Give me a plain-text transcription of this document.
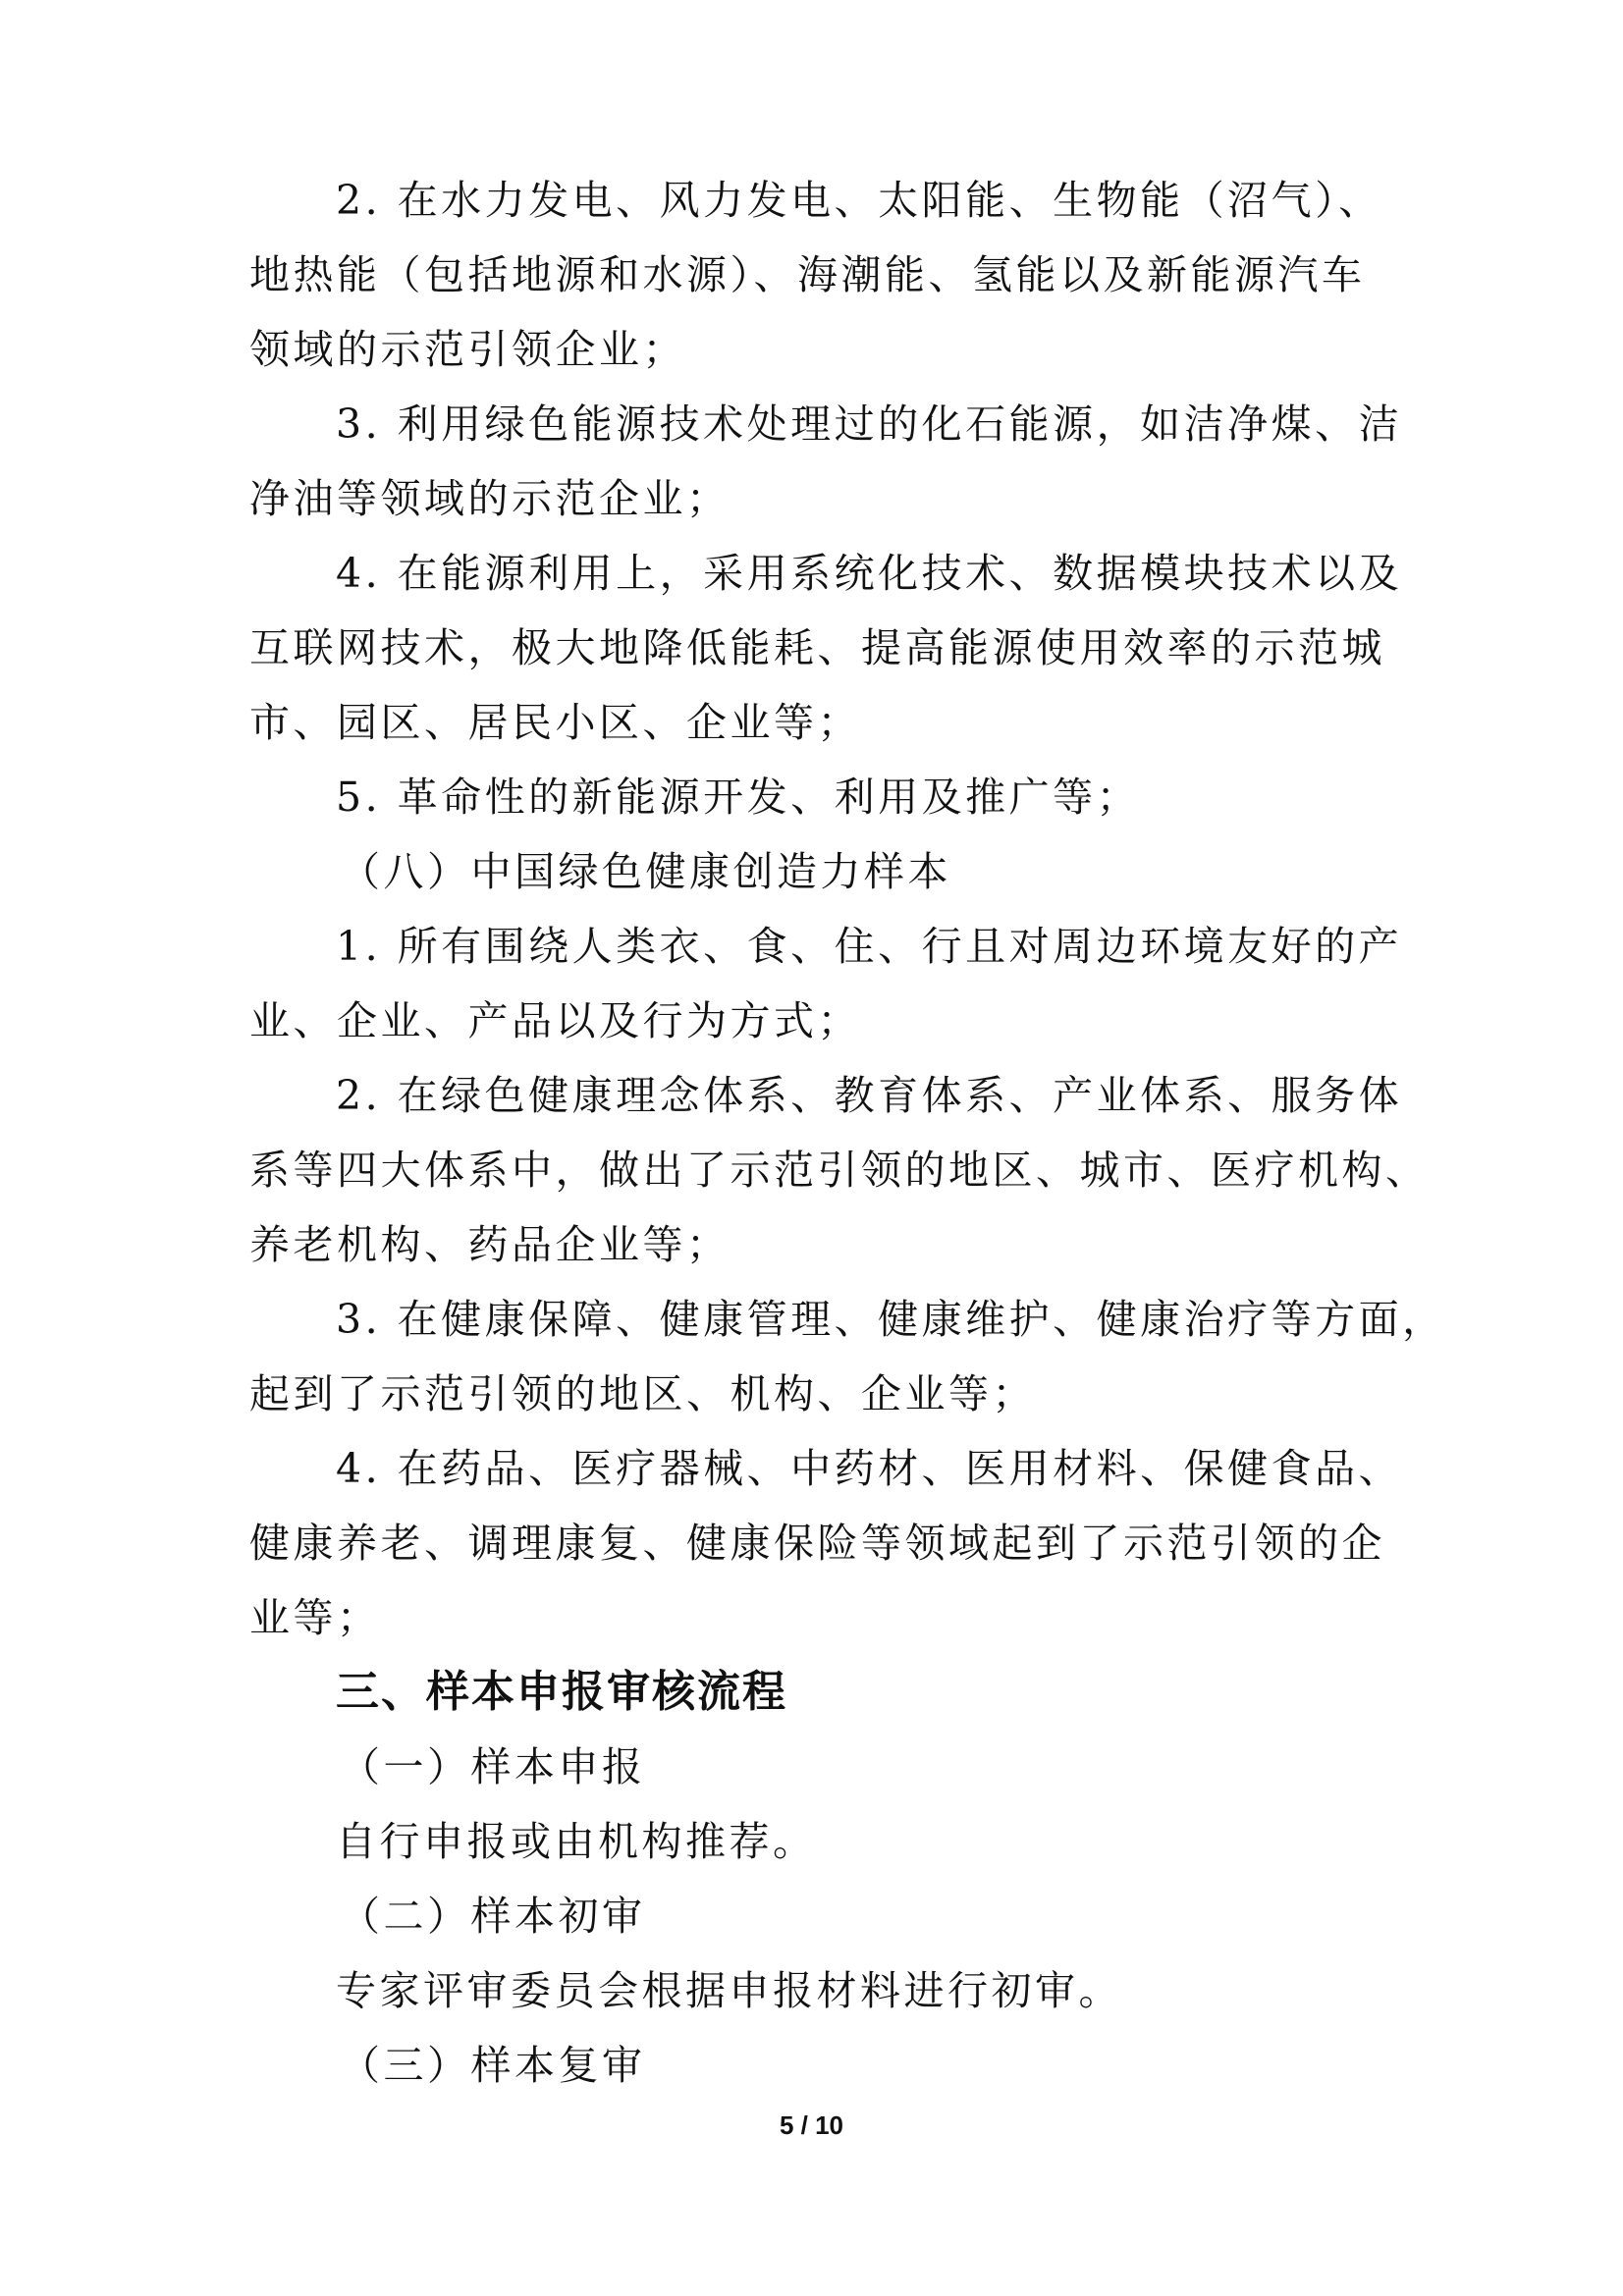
2. 在水力发电、风力发电、太阳能、生物能（沼气）、
地热能（包括地源和水源）、海潮能、氢能以及新能源汽车
领域的示范引领企业；
3. 利用绿色能源技术处理过的化石能源，如洁净煤、洁
净油等领域的示范企业；
4. 在能源利用上，采用系统化技术、数据模块技术以及
互联网技术，极大地降低能耗、提高能源使用效率的示范城
市、园区、居民小区、企业等；
5. 革命性的新能源开发、利用及推广等；
（八）中国绿色健康创造力样本
1. 所有围绕人类衣、食、住、行且对周边环境友好的产
业、企业、产品以及行为方式；
2. 在绿色健康理念体系、教育体系、产业体系、服务体
系等四大体系中，做出了示范引领的地区、城市、医疗机构、
养老机构、药品企业等；
3. 在健康保障、健康管理、健康维护、健康治疗等方面，
起到了示范引领的地区、机构、企业等；
4. 在药品、医疗器械、中药材、医用材料、保健食品、
健康养老、调理康复、健康保险等领域起到了示范引领的企
业等；
三、样本申报审核流程
（一）样本申报
自行申报或由机构推荐。
（二）样本初审
专家评审委员会根据申报材料进行初审。
（三）样本复审
5 / 10
